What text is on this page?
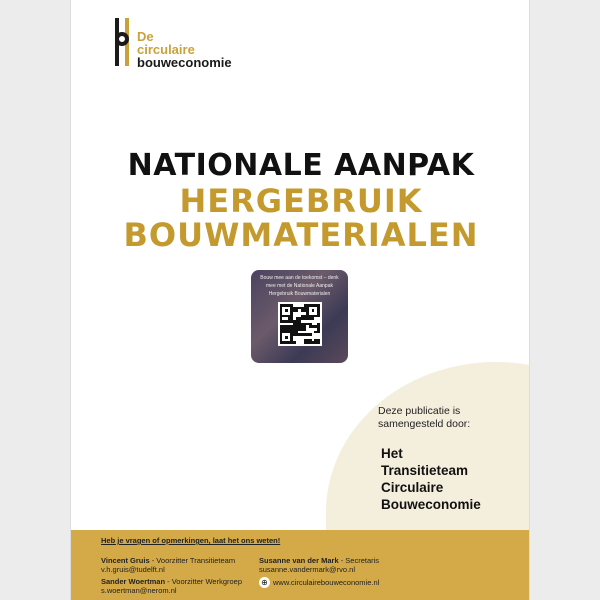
De
circulaire
bouweconomie
NATIONALE AANPAK
HERGEBRUIK
BOUWMATERIALEN
Bouw mee aan de toekomst – denk mee met de Nationale Aanpak Hergebruik Bouwmaterialen
Deze publicatie is samengesteld door:
Het
Transitieteam
Circulaire
Bouweconomie
Heb je vragen of opmerkingen, laat het ons weten!
Vincent Gruis - Voorzitter Transitieteam
v.h.gruis@tudelft.nl
Susanne van der Mark - Secretaris
susanne.vandermark@rvo.nl
Sander Woertman - Voorzitter Werkgroep
s.woertman@nerom.nl
⊕ www.circulairebouweconomie.nl
